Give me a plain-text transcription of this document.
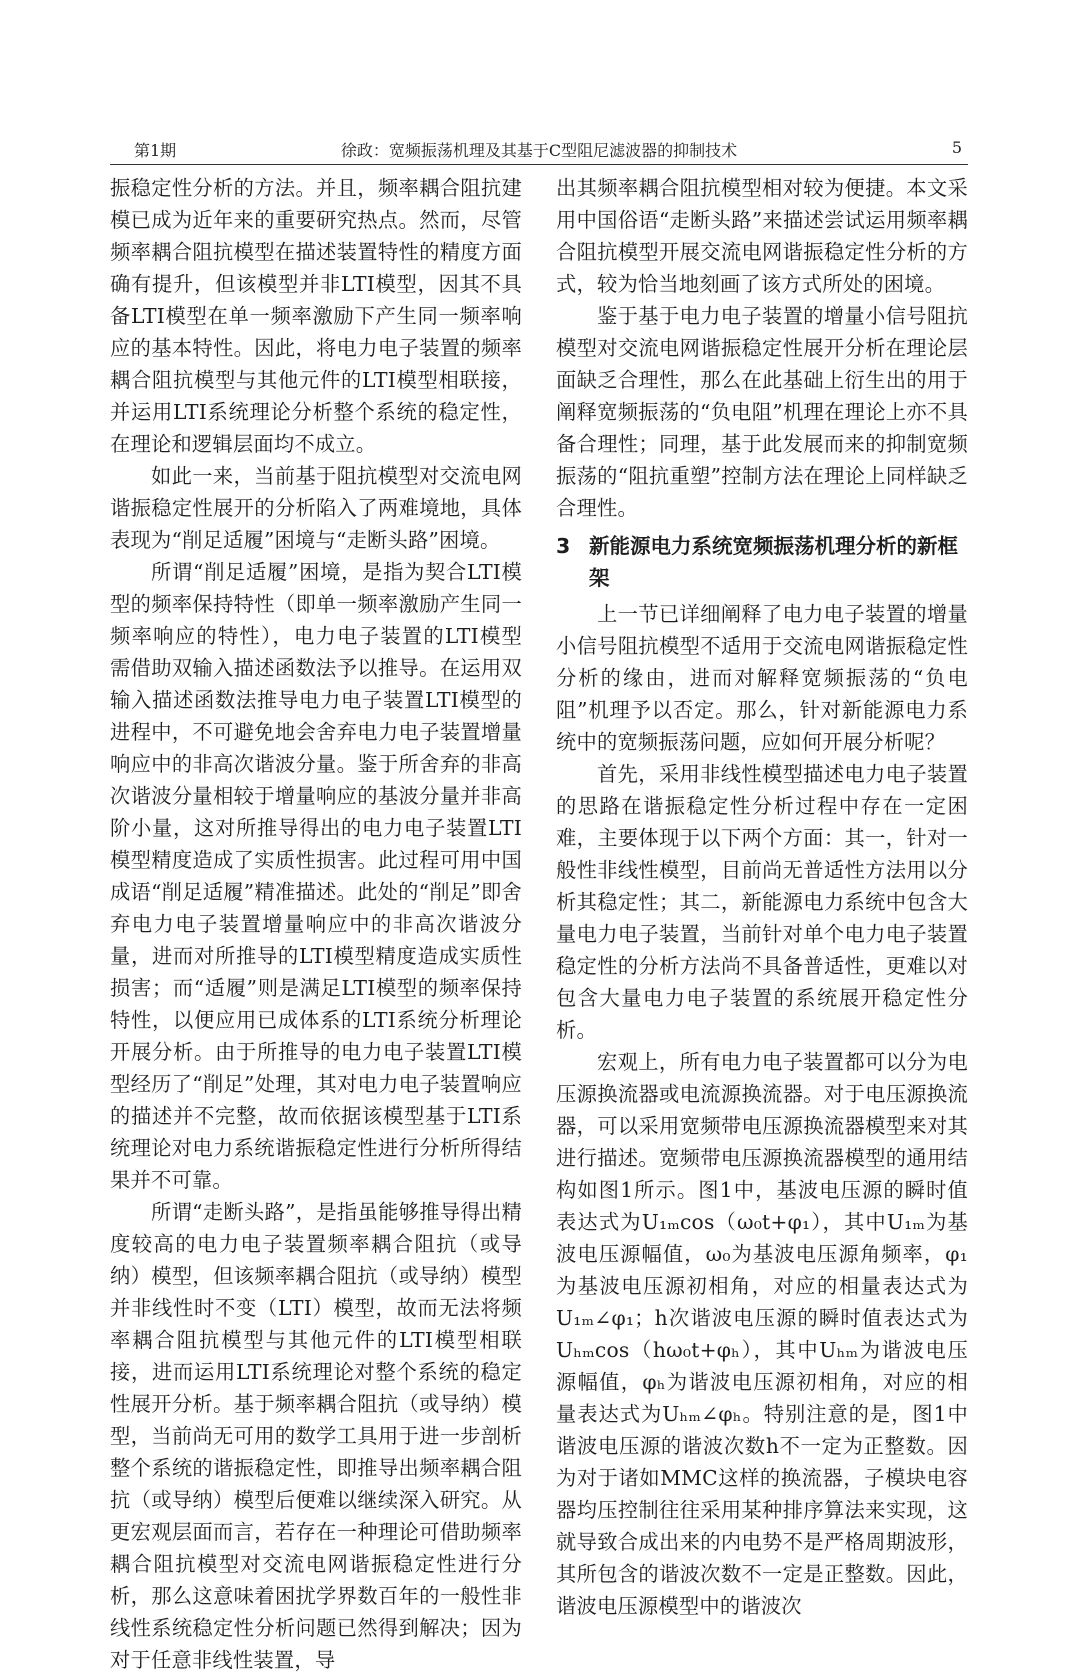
第1期	徐政：宽频振荡机理及其基于C型阻尼滤波器的抑制技术	5

振稳定性分析的方法。并且，频率耦合阻抗建模已成为近年来的重要研究热点。然而，尽管频率耦合阻抗模型在描述装置特性的精度方面确有提升，但该模型并非LTI模型，因其不具备LTI模型在单一频率激励下产生同一频率响应的基本特性。因此，将电力电子装置的频率耦合阻抗模型与其他元件的LTI模型相联接，并运用LTI系统理论分析整个系统的稳定性，在理论和逻辑层面均不成立。

如此一来，当前基于阻抗模型对交流电网谐振稳定性展开的分析陷入了两难境地，具体表现为“削足适履”困境与“走断头路”困境。

所谓“削足适履”困境，是指为契合LTI模型的频率保持特性（即单一频率激励产生同一频率响应的特性），电力电子装置的LTI模型需借助双输入描述函数法予以推导。在运用双输入描述函数法推导电力电子装置LTI模型的进程中，不可避免地会舍弃电力电子装置增量响应中的非高次谐波分量。鉴于所舍弃的非高次谐波分量相较于增量响应的基波分量并非高阶小量，这对所推导得出的电力电子装置LTI模型精度造成了实质性损害。此过程可用中国成语“削足适履”精准描述。此处的“削足”即舍弃电力电子装置增量响应中的非高次谐波分量，进而对所推导的LTI模型精度造成实质性损害；而“适履”则是满足LTI模型的频率保持特性，以便应用已成体系的LTI系统分析理论开展分析。由于所推导的电力电子装置LTI模型经历了“削足”处理，其对电力电子装置响应的描述并不完整，故而依据该模型基于LTI系统理论对电力系统谐振稳定性进行分析所得结果并不可靠。

所谓“走断头路”，是指虽能够推导得出精度较高的电力电子装置频率耦合阻抗（或导纳）模型，但该频率耦合阻抗（或导纳）模型并非线性时不变（LTI）模型，故而无法将频率耦合阻抗模型与其他元件的LTI模型相联接，进而运用LTI系统理论对整个系统的稳定性展开分析。基于频率耦合阻抗（或导纳）模型，当前尚无可用的数学工具用于进一步剖析整个系统的谐振稳定性，即推导出频率耦合阻抗（或导纳）模型后便难以继续深入研究。从更宏观层面而言，若存在一种理论可借助频率耦合阻抗模型对交流电网谐振稳定性进行分析，那么这意味着困扰学界数百年的一般性非线性系统稳定性分析问题已然得到解决；因为对于任意非线性装置，导

出其频率耦合阻抗模型相对较为便捷。本文采用中国俗语“走断头路”来描述尝试运用频率耦合阻抗模型开展交流电网谐振稳定性分析的方式，较为恰当地刻画了该方式所处的困境。

鉴于基于电力电子装置的增量小信号阻抗模型对交流电网谐振稳定性展开分析在理论层面缺乏合理性，那么在此基础上衍生出的用于阐释宽频振荡的“负电阻”机理在理论上亦不具备合理性；同理，基于此发展而来的抑制宽频振荡的“阻抗重塑”控制方法在理论上同样缺乏合理性。

3 新能源电力系统宽频振荡机理分析的新框架

上一节已详细阐释了电力电子装置的增量小信号阻抗模型不适用于交流电网谐振稳定性分析的缘由，进而对解释宽频振荡的“负电阻”机理予以否定。那么，针对新能源电力系统中的宽频振荡问题，应如何开展分析呢？

首先，采用非线性模型描述电力电子装置的思路在谐振稳定性分析过程中存在一定困难，主要体现于以下两个方面：其一，针对一般性非线性模型，目前尚无普适性方法用以分析其稳定性；其二，新能源电力系统中包含大量电力电子装置，当前针对单个电力电子装置稳定性的分析方法尚不具备普适性，更难以对包含大量电力电子装置的系统展开稳定性分析。

宏观上，所有电力电子装置都可以分为电压源换流器或电流源换流器。对于电压源换流器，可以采用宽频带电压源换流器模型来对其进行描述。宽频带电压源换流器模型的通用结构如图1所示。图1中，基波电压源的瞬时值表达式为U₁ₘcos（ω₀t+φ₁），其中U₁ₘ为基波电压源幅值，ω₀为基波电压源角频率，φ₁为基波电压源初相角，对应的相量表达式为U₁ₘ∠φ₁；h次谐波电压源的瞬时值表达式为Uₕₘcos（hω₀t+φₕ），其中Uₕₘ为谐波电压源幅值，φₕ为谐波电压源初相角，对应的相量表达式为Uₕₘ∠φₕ。特别注意的是，图1中谐波电压源的谐波次数h不一定为正整数。因为对于诸如MMC这样的换流器，子模块电容器均压控制往往采用某种排序算法来实现，这就导致合成出来的内电势不是严格周期波形，其所包含的谐波次数不一定是正整数。因此，谐波电压源模型中的谐波次
